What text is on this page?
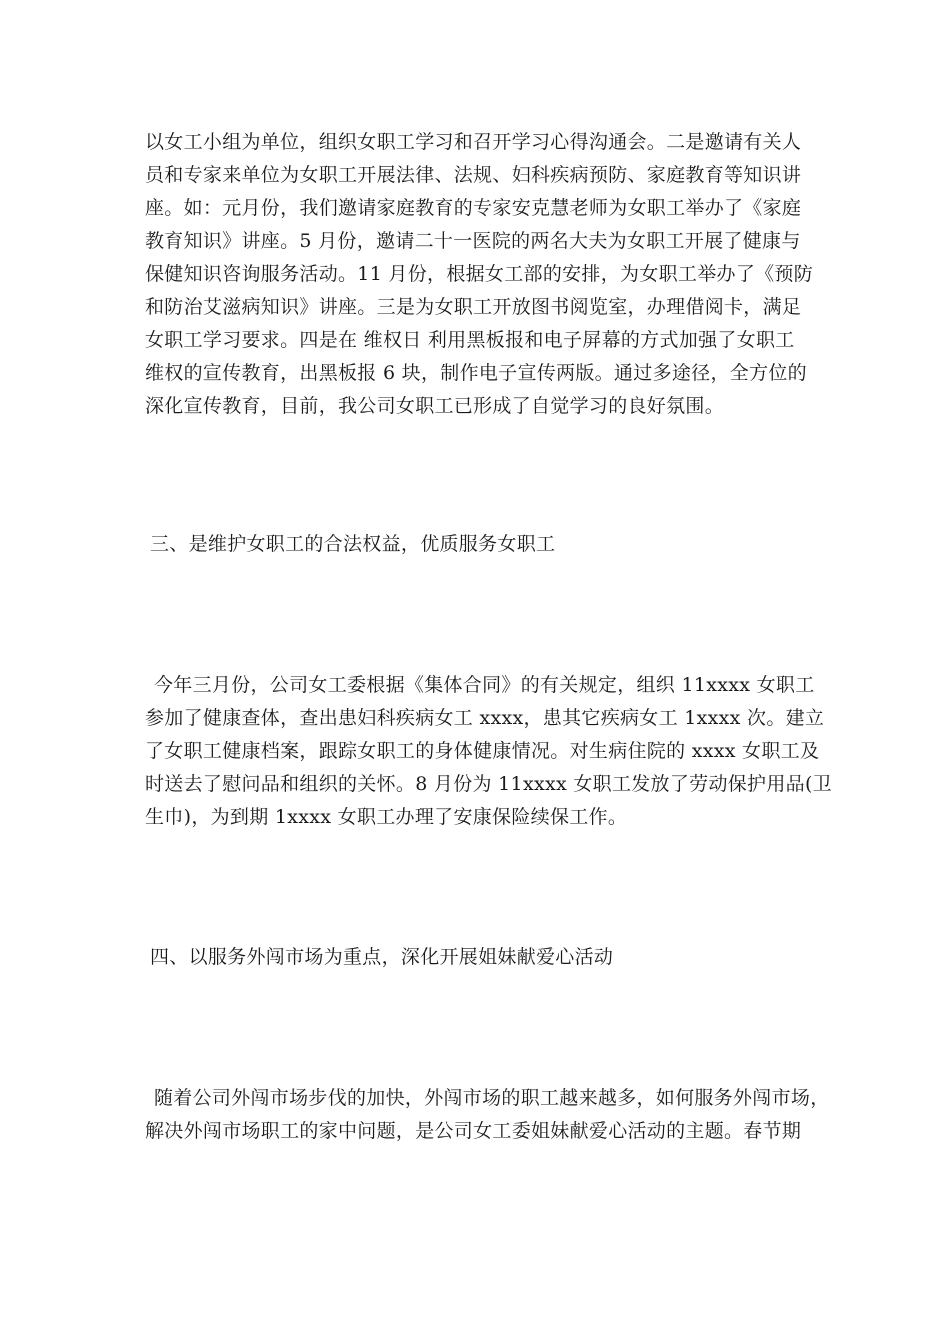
以女工小组为单位，组织女职工学习和召开学习心得沟通会。二是邀请有关人
员和专家来单位为女职工开展法律、法规、妇科疾病预防、家庭教育等知识讲
座。如：元月份，我们邀请家庭教育的专家安克慧老师为女职工举办了《家庭
教育知识》讲座。5 月份，邀请二十一医院的两名大夫为女职工开展了健康与
保健知识咨询服务活动。11 月份，根据女工部的安排，为女职工举办了《预防
和防治艾滋病知识》讲座。三是为女职工开放图书阅览室，办理借阅卡，满足
女职工学习要求。四是在 维权日 利用黑板报和电子屏幕的方式加强了女职工
维权的宣传教育，出黑板报 6 块，制作电子宣传两版。通过多途径，全方位的
深化宣传教育，目前，我公司女职工已形成了自觉学习的良好氛围。
三、是维护女职工的合法权益，优质服务女职工
今年三月份，公司女工委根据《集体合同》的有关规定，组织 11xxxx 女职工
参加了健康查体，查出患妇科疾病女工 xxxx，患其它疾病女工 1xxxx 次。建立
了女职工健康档案，跟踪女职工的身体健康情况。对生病住院的 xxxx 女职工及
时送去了慰问品和组织的关怀。8 月份为 11xxxx 女职工发放了劳动保护用品(卫
生巾)，为到期 1xxxx 女职工办理了安康保险续保工作。
四、以服务外闯市场为重点，深化开展姐妹献爱心活动
随着公司外闯市场步伐的加快，外闯市场的职工越来越多，如何服务外闯市场，
解决外闯市场职工的家中问题，是公司女工委姐妹献爱心活动的主题。春节期
